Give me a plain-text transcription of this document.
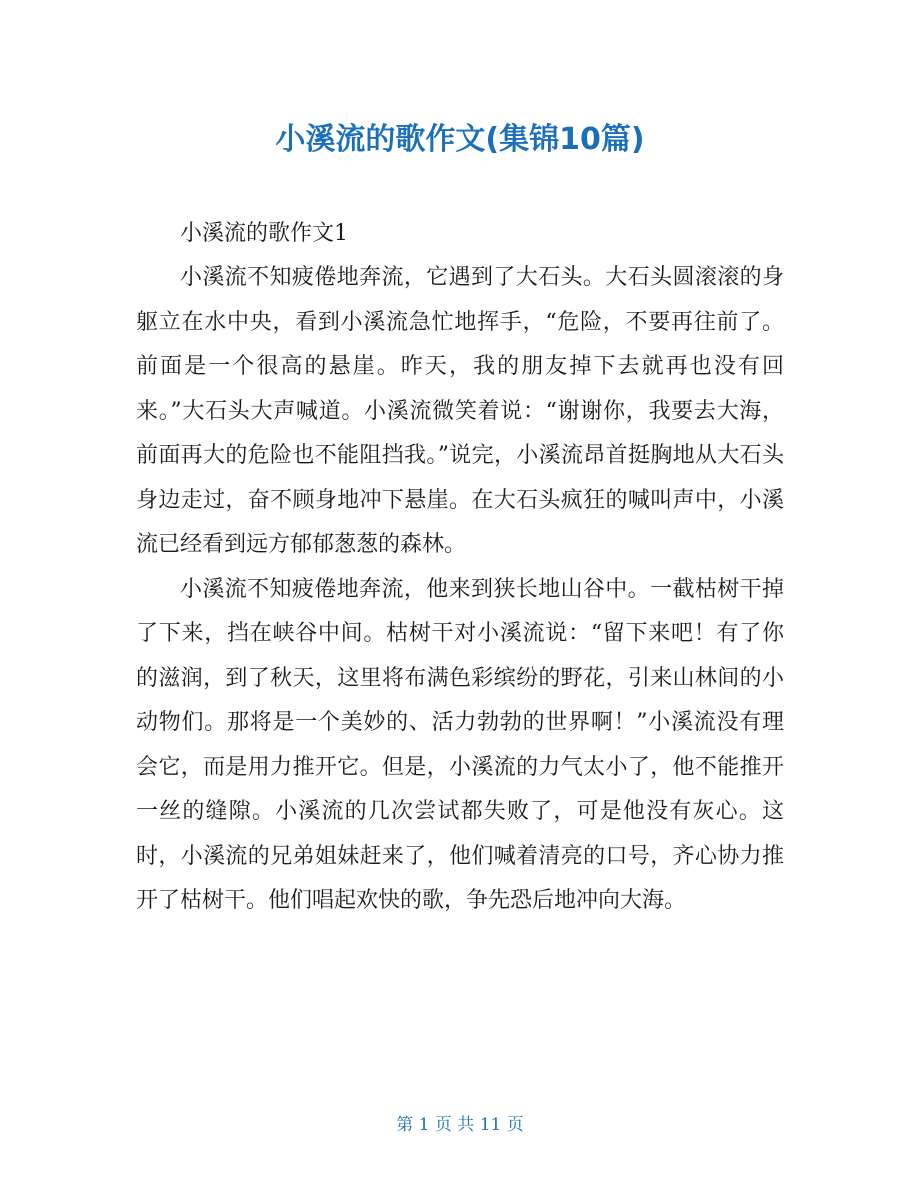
小溪流的歌作文(集锦10篇)

小溪流的歌作文1

小溪流不知疲倦地奔流，它遇到了大石头。大石头圆滚滚的身躯立在水中央，看到小溪流急忙地挥手，“危险，不要再往前了。前面是一个很高的悬崖。昨天，我的朋友掉下去就再也没有回来。”大石头大声喊道。小溪流微笑着说：“谢谢你，我要去大海，前面再大的危险也不能阻挡我。”说完，小溪流昂首挺胸地从大石头身边走过，奋不顾身地冲下悬崖。在大石头疯狂的喊叫声中，小溪流已经看到远方郁郁葱葱的森林。

小溪流不知疲倦地奔流，他来到狭长地山谷中。一截枯树干掉了下来，挡在峡谷中间。枯树干对小溪流说：“留下来吧！有了你的滋润，到了秋天，这里将布满色彩缤纷的野花，引来山林间的小动物们。那将是一个美妙的、活力勃勃的世界啊！”小溪流没有理会它，而是用力推开它。但是，小溪流的力气太小了，他不能推开一丝的缝隙。小溪流的几次尝试都失败了，可是他没有灰心。这时，小溪流的兄弟姐妹赶来了，他们喊着清亮的口号，齐心协力推开了枯树干。他们唱起欢快的歌，争先恐后地冲向大海。

第 1 页 共 11 页
